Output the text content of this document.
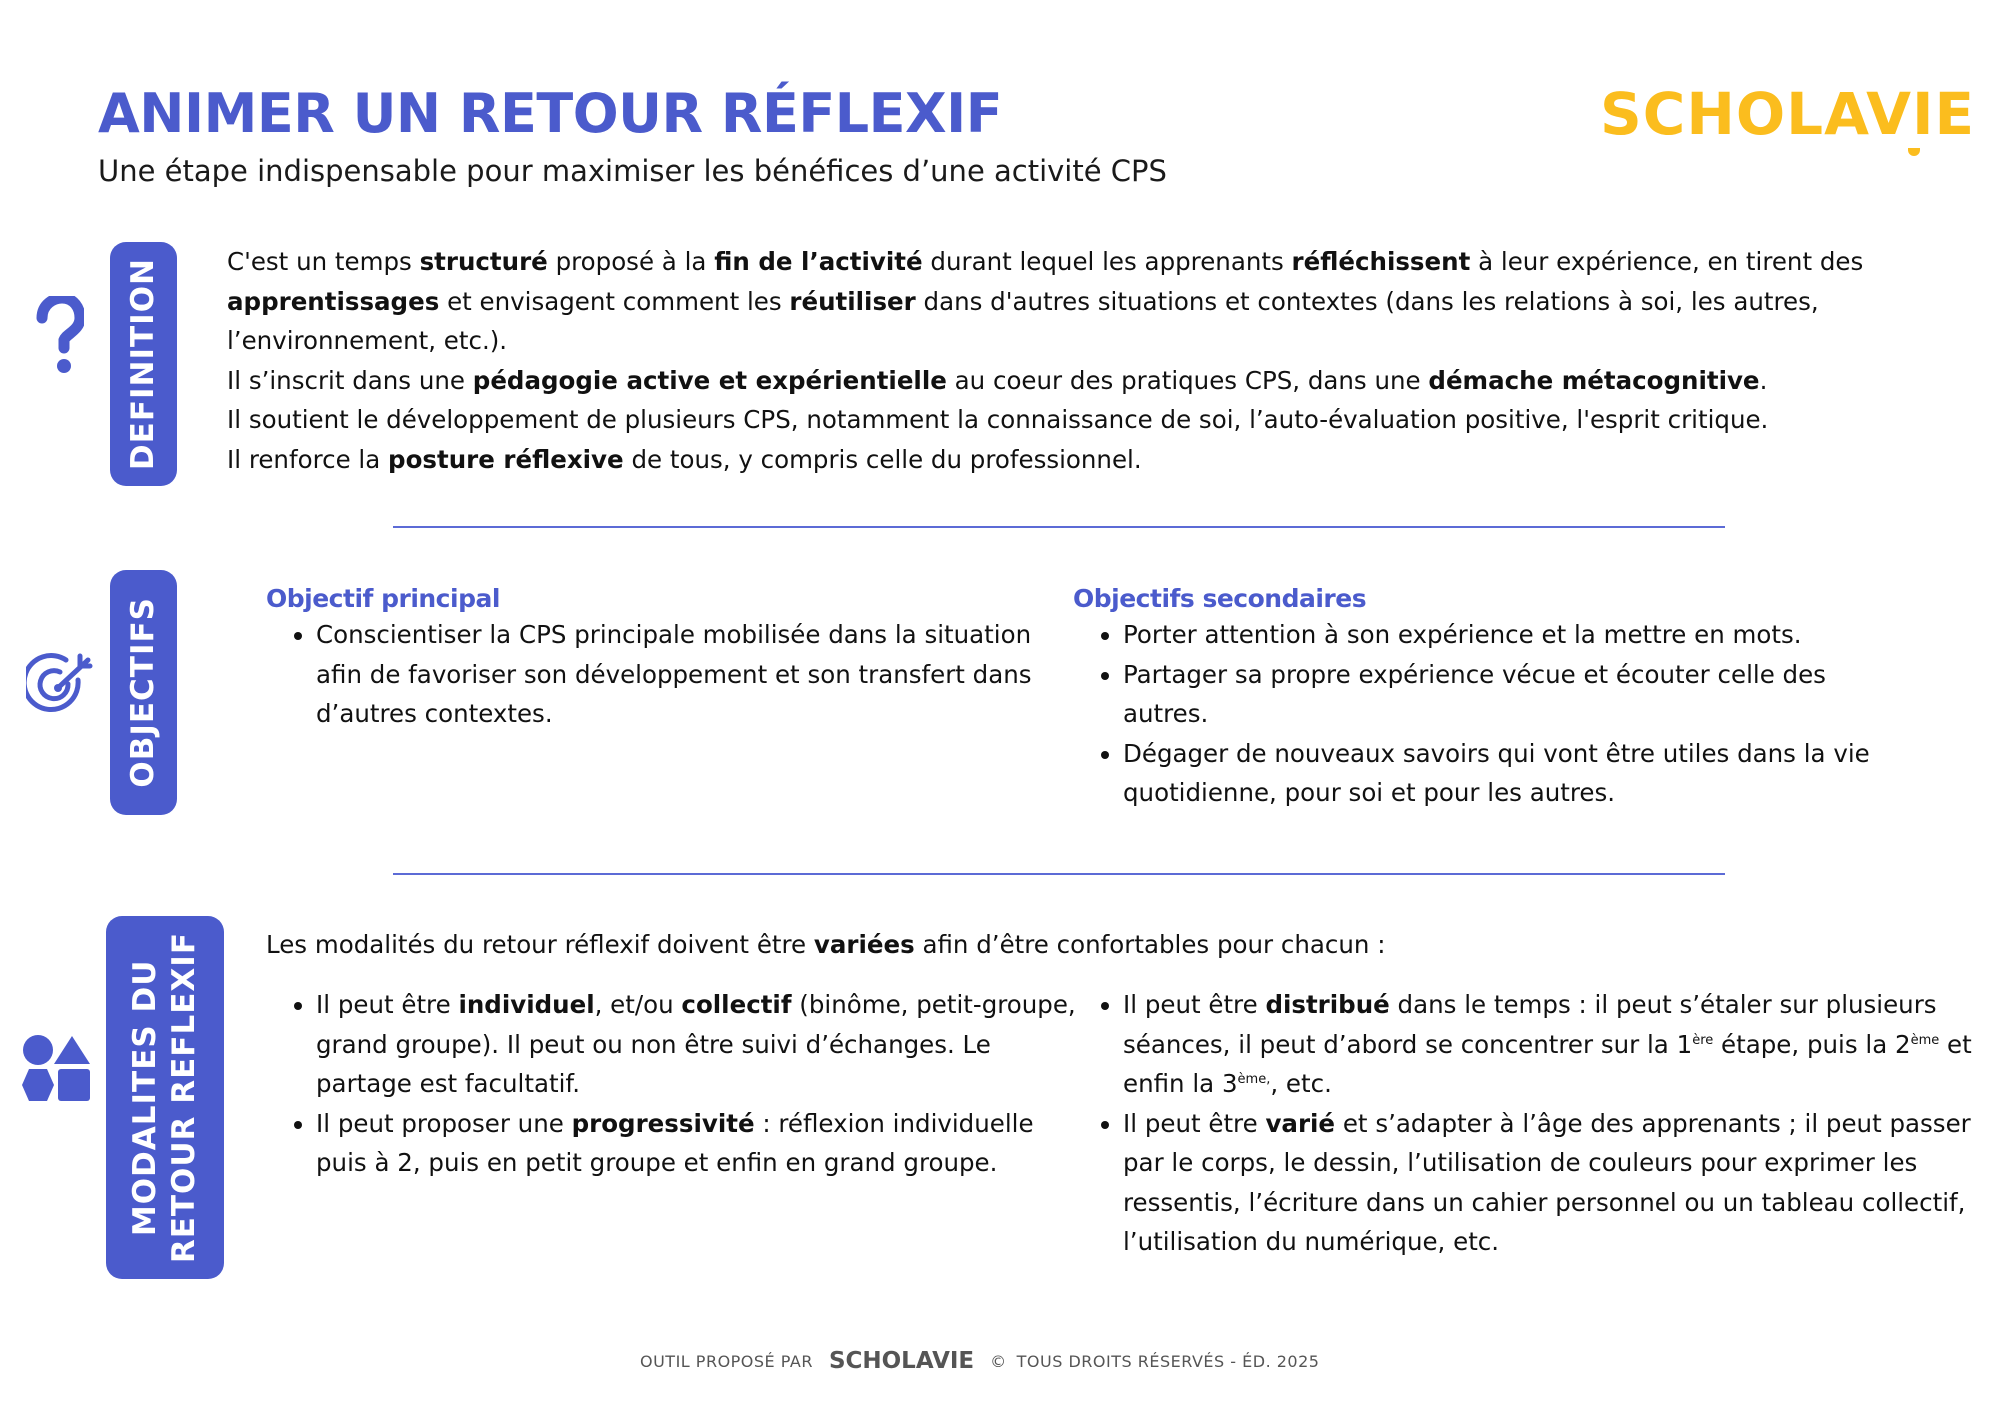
ANIMER UN RETOUR RÉFLEXIF
Une étape indispensable pour maximiser les bénéfices d’une activité CPS
SCHOLAVIE
DEFINITION	C'est un temps structuré proposé à la fin de l’activité durant lequel les apprenants réfléchissent à leur expérience, en tirent des apprentissages et envisagent comment les réutiliser dans d'autres situations et contextes (dans les relations à soi, les autres, l’environnement, etc.).
Il s’inscrit dans une pédagogie active et expérientielle au coeur des pratiques CPS, dans une démache métacognitive.
Il soutient le développement de plusieurs CPS, notamment la connaissance de soi, l’auto-évaluation positive, l'esprit critique.
Il renforce la posture réflexive de tous, y compris celle du professionnel.
OBJECTIFS	Objectif principal
• Conscientiser la CPS principale mobilisée dans la situation afin de favoriser son développement et son transfert dans d’autres contextes.
Objectifs secondaires
• Porter attention à son expérience et la mettre en mots.
• Partager sa propre expérience vécue et écouter celle des autres.
• Dégager de nouveaux savoirs qui vont être utiles dans la vie quotidienne, pour soi et pour les autres.
MODALITES DU
RETOUR REFLEXIF	Les modalités du retour réflexif doivent être variées afin d’être confortables pour chacun :
• Il peut être individuel, et/ou collectif (binôme, petit-groupe, grand groupe). Il peut ou non être suivi d’échanges. Le partage est facultatif.
• Il peut proposer une progressivité : réflexion individuelle puis à 2, puis en petit groupe et enfin en grand groupe.
• Il peut être distribué dans le temps : il peut s’étaler sur plusieurs séances, il peut d’abord se concentrer sur la 1ère étape, puis la 2ème et enfin la $3^{ème,}$, etc.
• Il peut être varié et s’adapter à l’âge des apprenants ; il peut passer par le corps, le dessin, l’utilisation de couleurs pour exprimer les ressentis, l’écriture dans un cahier personnel ou un tableau collectif, l’utilisation du numérique, etc.
OUTIL PROPOSÉ PAR SCHOLAVIE © TOUS DROITS RÉSERVÉS - ÉD. 2025
